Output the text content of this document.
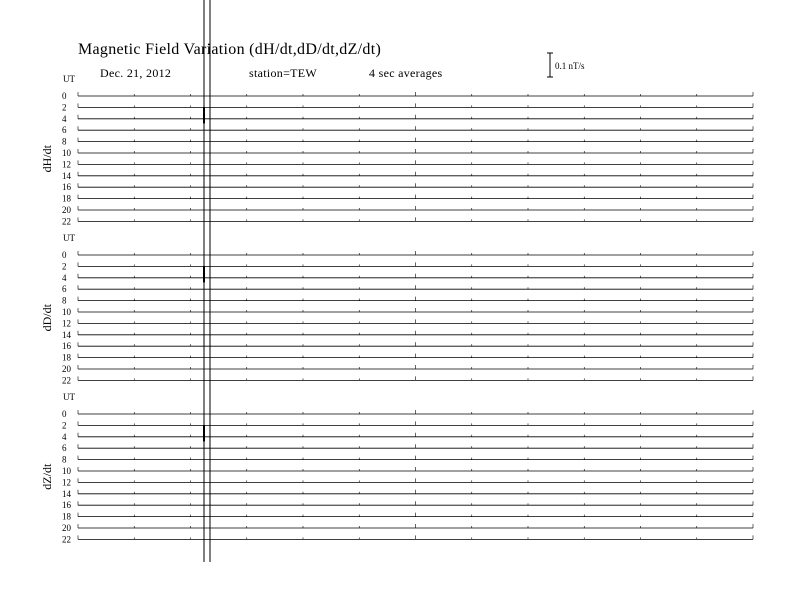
Magnetic Field Variation (dH/dt,dD/dt,dZ/dt)
Dec. 21, 2012	station=TEW	4 sec averages	0.1 nT/s
UT
dH/dt
0
2
4
6
8
10
12
14
16
18
20
22
UT
dD/dt
0
2
4
6
8
10
12
14
16
18
20
22
UT
dZ/dt
0
2
4
6
8
10
12
14
16
18
20
22
